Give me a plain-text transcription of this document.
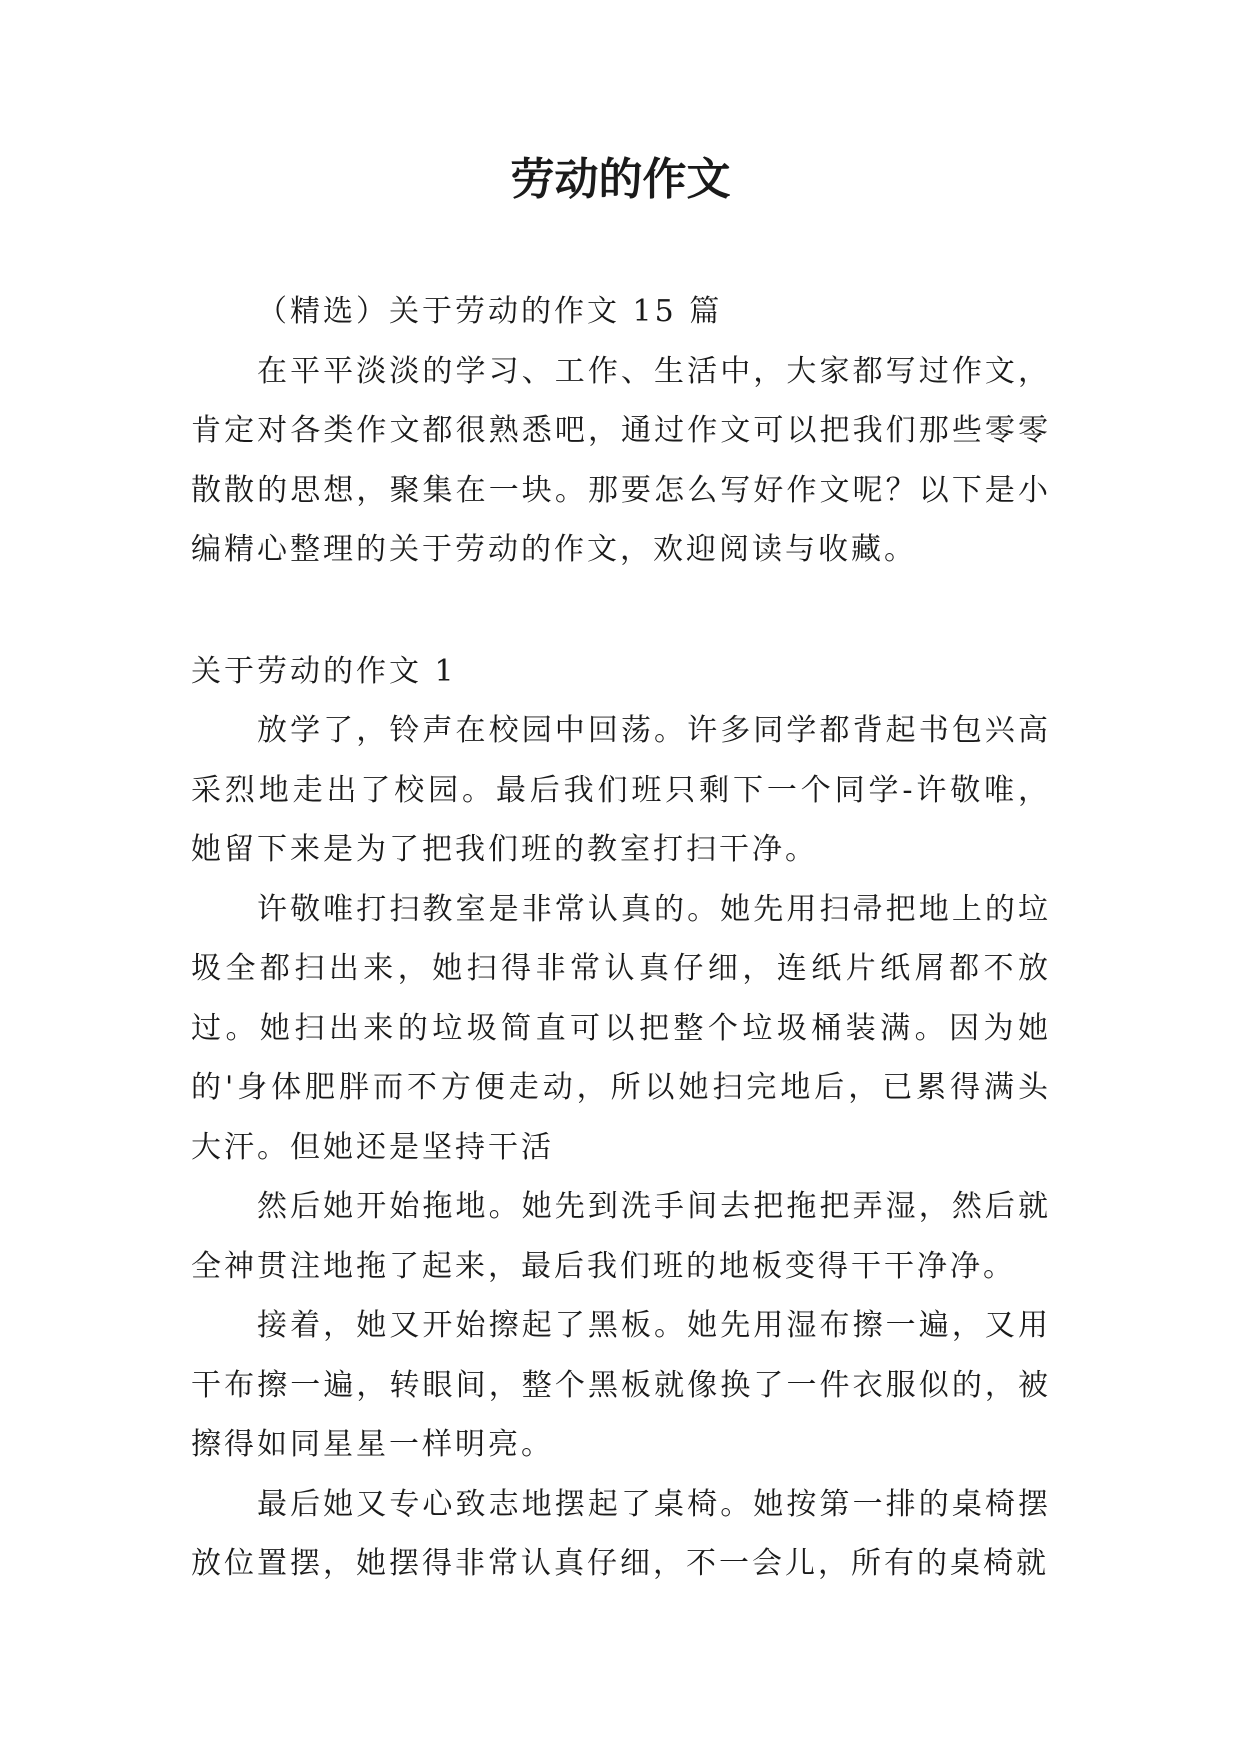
劳动的作文

（精选）关于劳动的作文 15 篇

在平平淡淡的学习、工作、生活中，大家都写过作文，肯定对各类作文都很熟悉吧，通过作文可以把我们那些零零散散的思想，聚集在一块。那要怎么写好作文呢？以下是小编精心整理的关于劳动的作文，欢迎阅读与收藏。

关于劳动的作文 1

放学了，铃声在校园中回荡。许多同学都背起书包兴高采烈地走出了校园。最后我们班只剩下一个同学-许敬唯，她留下来是为了把我们班的教室打扫干净。

许敬唯打扫教室是非常认真的。她先用扫帚把地上的垃圾全都扫出来，她扫得非常认真仔细，连纸片纸屑都不放过。她扫出来的垃圾简直可以把整个垃圾桶装满。因为她的'身体肥胖而不方便走动，所以她扫完地后，已累得满头大汗。但她还是坚持干活

然后她开始拖地。她先到洗手间去把拖把弄湿，然后就全神贯注地拖了起来，最后我们班的地板变得干干净净。

接着，她又开始擦起了黑板。她先用湿布擦一遍，又用干布擦一遍，转眼间，整个黑板就像换了一件衣服似的，被擦得如同星星一样明亮。

最后她又专心致志地摆起了桌椅。她按第一排的桌椅摆放位置摆，她摆得非常认真仔细，不一会儿，所有的桌椅就
